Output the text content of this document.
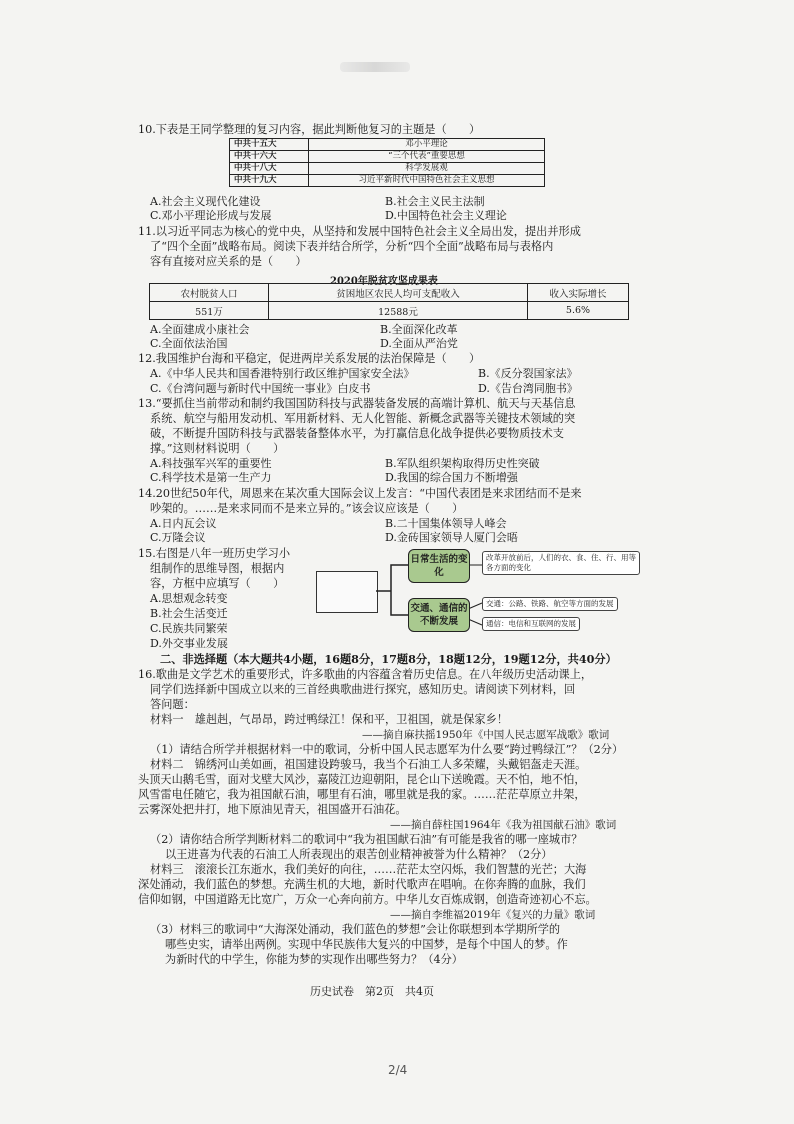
10.下表是王同学整理的复习内容，据此判断他复习的主题是（　　）
中共十五大	邓小平理论
中共十六大	“三个代表”重要思想
中共十八大	科学发展观
中共十九大	习近平新时代中国特色社会主义思想
A.社会主义现代化建设	B.社会主义民主法制
C.邓小平理论形成与发展	D.中国特色社会主义理论
11.以习近平同志为核心的党中央，从坚持和发展中国特色社会主义全局出发，提出并形成
了“四个全面”战略布局。阅读下表并结合所学，分析“四个全面”战略布局与表格内
容有直接对应关系的是（　　）
2020年脱贫攻坚成果表
农村脱贫人口	贫困地区农民人均可支配收入	收入实际增长
551万	12588元	5.6%
A.全面建成小康社会	B.全面深化改革
C.全面依法治国	D.全面从严治党
12.我国维护台海和平稳定，促进两岸关系发展的法治保障是（　　）
A.《中华人民共和国香港特别行政区维护国家安全法》	B.《反分裂国家法》
C.《台湾问题与新时代中国统一事业》白皮书	D.《告台湾同胞书》
13.“要抓住当前带动和制约我国国防科技与武器装备发展的高端计算机、航天与天基信息
系统、航空与船用发动机、军用新材料、无人化智能、新概念武器等关键技术领域的突
破，不断提升国防科技与武器装备整体水平，为打赢信息化战争提供必要物质技术支
撑。”这则材料说明（　　）
A.科技强军兴军的重要性	B.军队组织架构取得历史性突破
C.科学技术是第一生产力	D.我国的综合国力不断增强
14.20世纪50年代，周恩来在某次重大国际会议上发言：“中国代表团是来求团结而不是来
吵架的。……是来求同而不是来立异的。”该会议应该是（　　）
A.日内瓦会议	B.二十国集体领导人峰会
C.万隆会议	D.金砖国家领导人厦门会晤
15.右图是八年一班历史学习小
组制作的思维导图，根据内
容，方框中应填写（　　）
A.思想观念转变
B.社会生活变迁
C.民族共同繁荣
D.外交事业发展
日常生活的变化
改革开放前后，人们的衣、食、住、行、用等各方面的变化
交通、通信的不断发展
交通：公路、铁路、航空等方面的发展
通信：电信和互联网的发展
二、非选择题（本大题共4小题，16题8分，17题8分，18题12分，19题12分，共40分）
16.歌曲是文学艺术的重要形式，许多歌曲的内容蕴含着历史信息。在八年级历史活动课上，
同学们选择新中国成立以来的三首经典歌曲进行探究，感知历史。请阅读下列材料，回
答问题：
材料一　雄赳赳，气昂昂，跨过鸭绿江！保和平，卫祖国，就是保家乡！
——摘自麻扶摇1950年《中国人民志愿军战歌》歌词
（1）请结合所学并根据材料一中的歌词，分析中国人民志愿军为什么要“跨过鸭绿江”？（2分）
材料二　锦绣河山美如画，祖国建设跨骏马，我当个石油工人多荣耀，头戴铝盔走天涯。
头顶天山鹅毛雪，面对戈壁大风沙，嘉陵江边迎朝阳，昆仑山下送晚霞。天不怕，地不怕，
风雪雷电任随它，我为祖国献石油，哪里有石油，哪里就是我的家。……茫茫草原立井架，
云雾深处把井打，地下原油见青天，祖国盛开石油花。
——摘自薛柱国1964年《我为祖国献石油》歌词
（2）请你结合所学判断材料二的歌词中“我为祖国献石油”有可能是我省的哪一座城市？
以王进喜为代表的石油工人所表现出的艰苦创业精神被誉为什么精神？（2分）
材料三　滚滚长江东逝水，我们美好的向往，……茫茫太空闪烁，我们智慧的光芒；大海
深处涌动，我们蓝色的梦想。充满生机的大地，新时代歌声在唱响。在你奔腾的血脉，我们
信仰如钢，中国道路无比宽广，万众一心奔向前方。中华儿女百炼成钢，创造奇迹初心不忘。
——摘自李维福2019年《复兴的力量》歌词
（3）材料三的歌词中“大海深处涌动，我们蓝色的梦想”会让你联想到本学期所学的
哪些史实，请举出两例。实现中华民族伟大复兴的中国梦，是每个中国人的梦。作
为新时代的中学生，你能为梦的实现作出哪些努力？（4分）
历史试卷　第2页　共4页
2/4
